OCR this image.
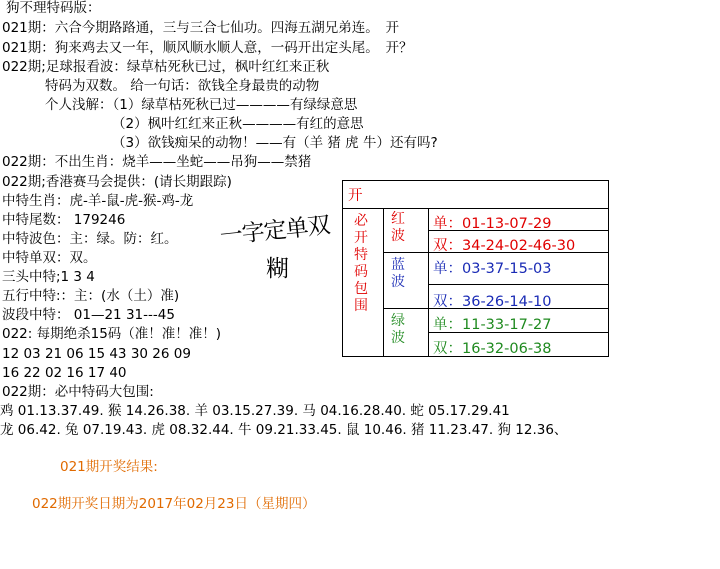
狗不理特码版：
021期：六合今期路路通，三与三合七仙功。四海五湖兄弟连。　开
021期：狗来鸡去又一年，顺风顺水顺人意，一码开出定头尾。　开？
022期;足球报看波：绿草枯死秋已过，枫叶红红来正秋
特码为双数。 给一句话：欲钱全身最贵的动物
个人浅解：（1）绿草枯死秋已过————有绿绿意思
（2）枫叶红红来正秋————有红的意思
（3）欲钱痴呆的动物！——有（羊 猪 虎 牛）还有吗?
022期：不出生肖：烧羊——坐蛇——吊狗——禁猪
022期;香港赛马会提供：(请长期跟踪)
中特生肖：虎-羊-鼠-虎-猴-鸡-龙
中特尾数： 179246
中特波色：主：绿。防：红。
中特单双：双。
三头中特;1 3 4
五行中特:：主：(水（土）准)
波段中特： 01—21 31---45
022: 每期绝杀15码（准！准！准！)
12 03 21 06 15 43 30 26 09
16 22 02 16 17 40
022期：必中特码大包围:
鸡 01.13.37.49. 猴 14.26.38. 羊 03.15.27.39. 马 04.16.28.40. 蛇 05.17.29.41
龙 06.42. 兔 07.19.43. 虎 08.32.44. 牛 09.21.33.45. 鼠 10.46. 猪 11.23.47. 狗 12.36、
021期开奖结果:
022期开奖日期为2017年02月23日（星期四）
一字定单双
糊
开
必
开
特
码
包
围
红
波
蓝
波
绿
波
单：01-13-07-29
双：34-24-02-46-30
单：03-37-15-03
双：36-26-14-10
单：11-33-17-27
双：16-32-06-38
